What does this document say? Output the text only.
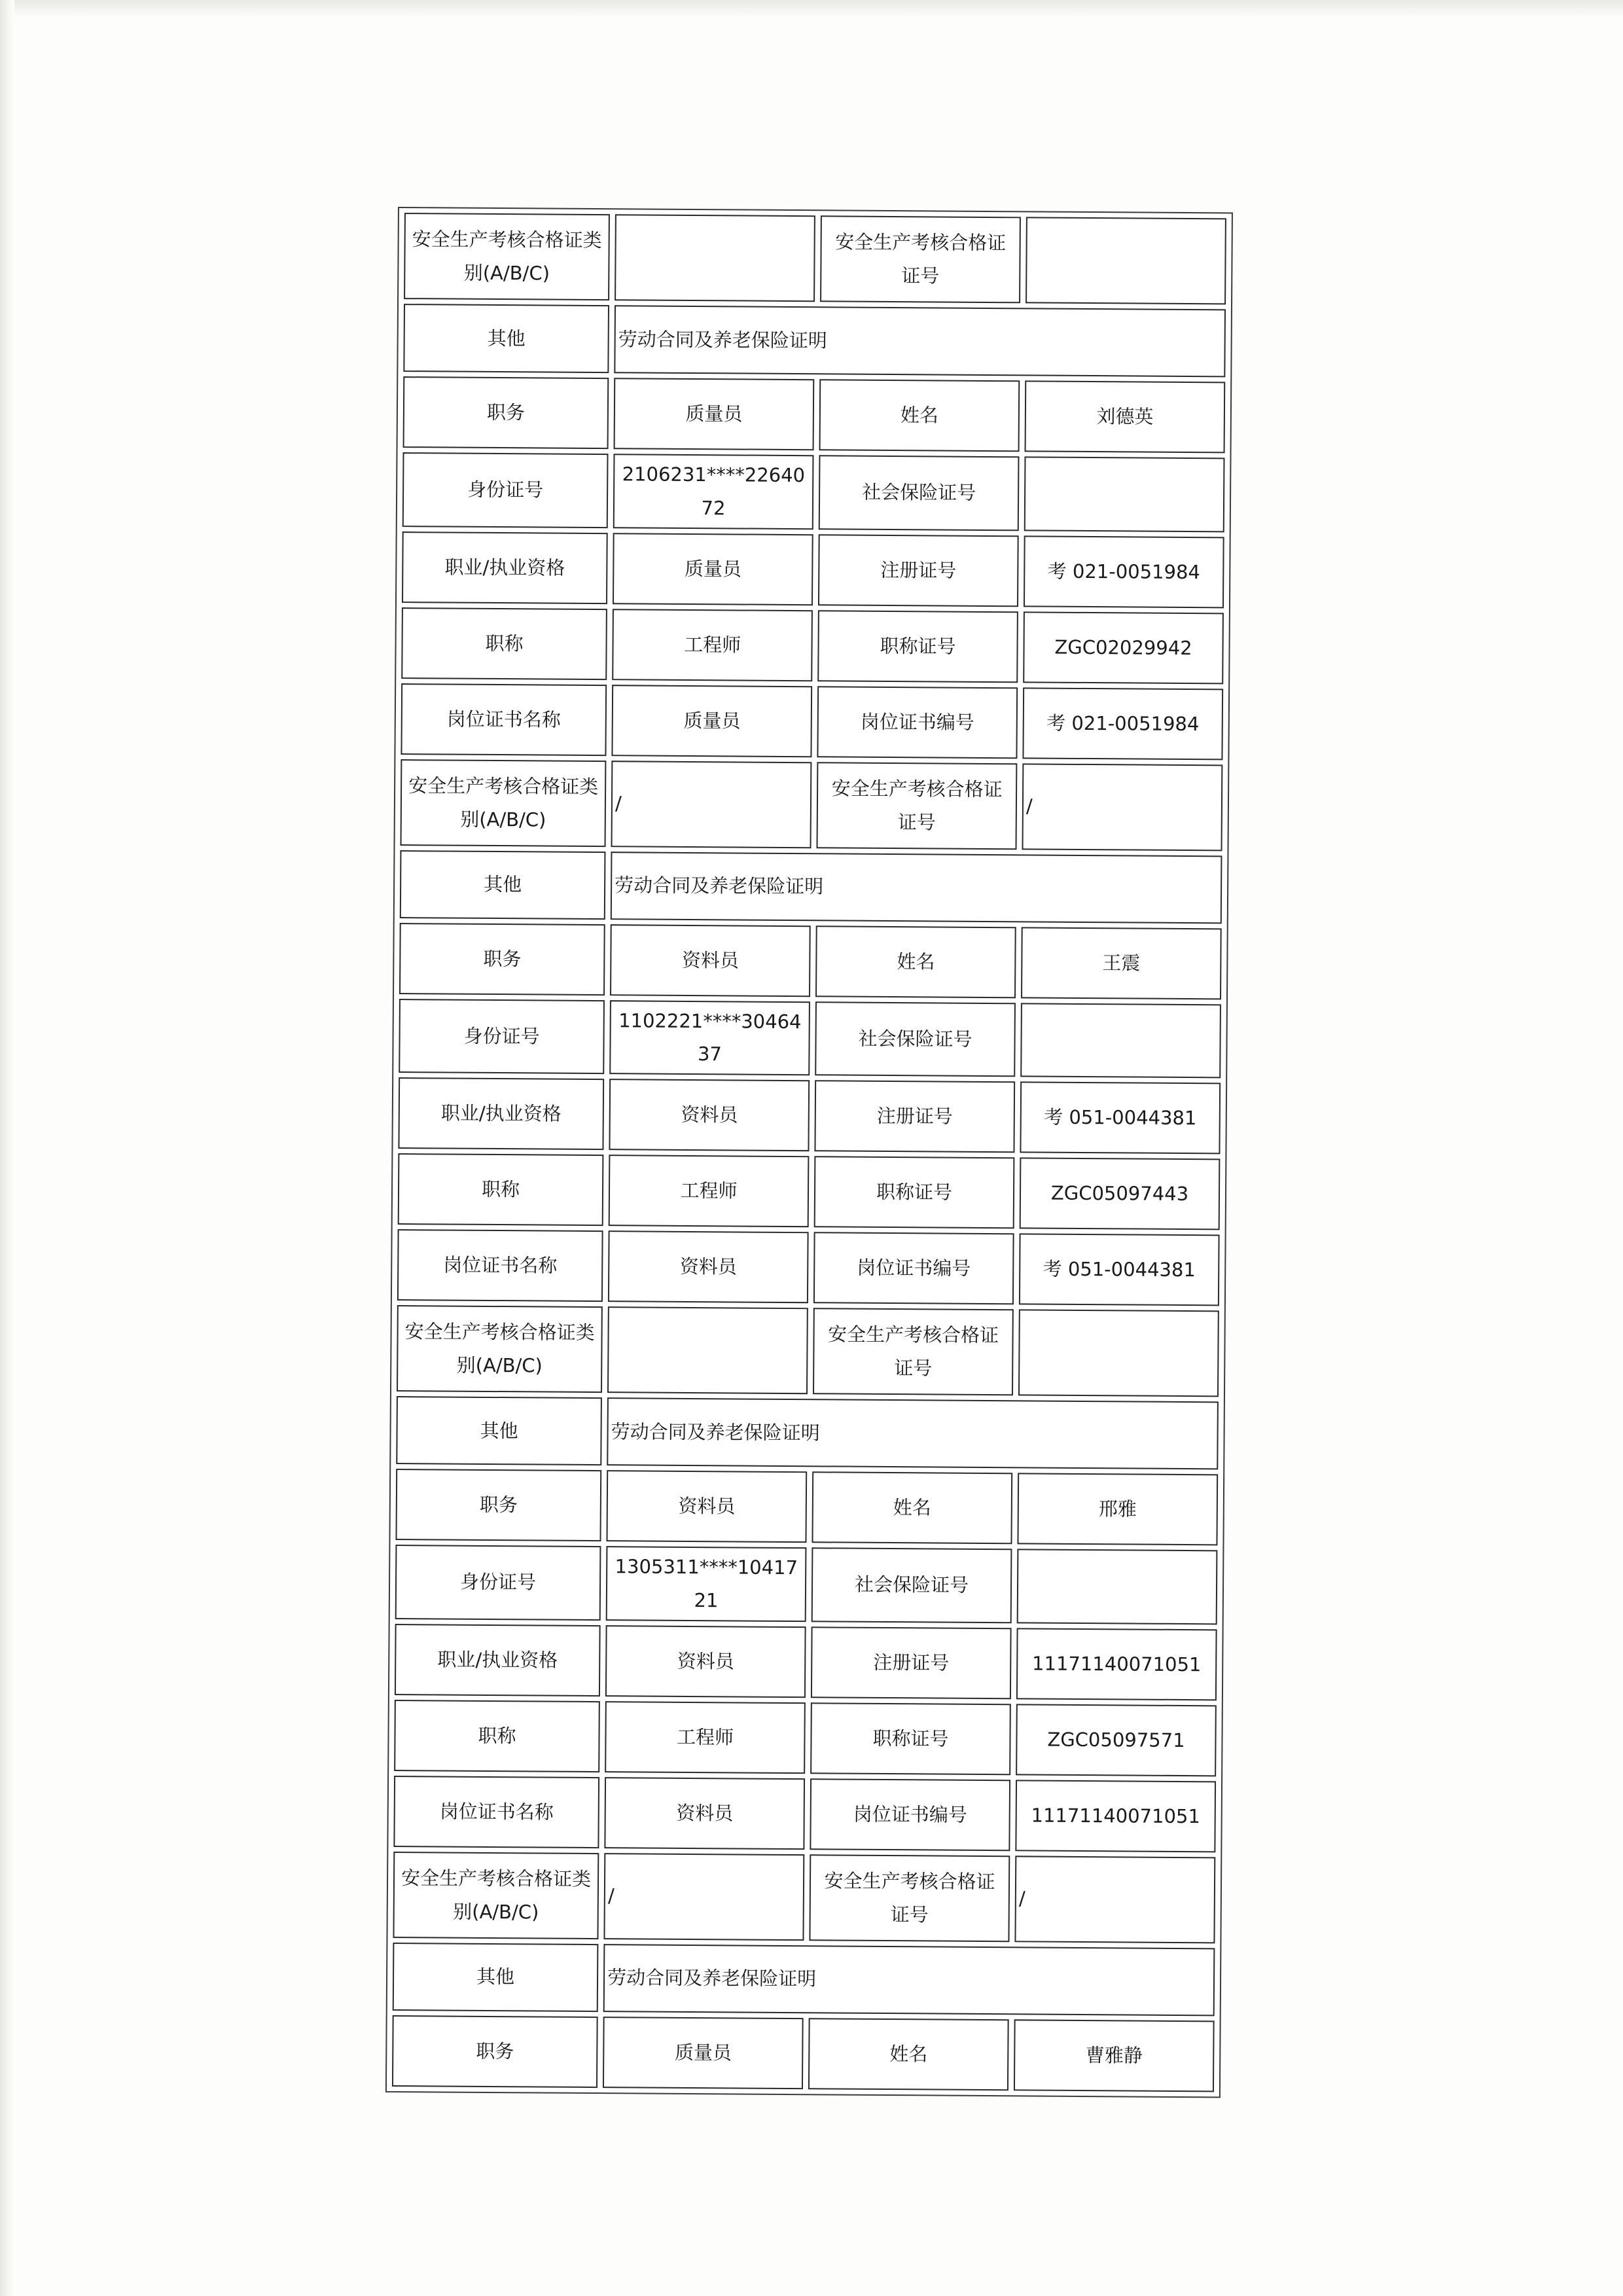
安全生产考核合格证类别(A/B/C)		安全生产考核合格证证号	
其他	劳动合同及养老保险证明		
职务	质量员	姓名	刘德英
身份证号	2106231****2264072	社会保险证号	
职业/执业资格	质量员	注册证号	考 021-0051984
职称	工程师	职称证号	ZGC02029942
岗位证书名称	质量员	岗位证书编号	考 021-0051984
安全生产考核合格证类别(A/B/C)	/	安全生产考核合格证证号	/
其他	劳动合同及养老保险证明		
职务	资料员	姓名	王震
身份证号	1102221****3046437	社会保险证号	
职业/执业资格	资料员	注册证号	考 051-0044381
职称	工程师	职称证号	ZGC05097443
岗位证书名称	资料员	岗位证书编号	考 051-0044381
安全生产考核合格证类别(A/B/C)		安全生产考核合格证证号	
其他	劳动合同及养老保险证明		
职务	资料员	姓名	邢雅
身份证号	1305311****1041721	社会保险证号	
职业/执业资格	资料员	注册证号	11171140071051
职称	工程师	职称证号	ZGC05097571
岗位证书名称	资料员	岗位证书编号	11171140071051
安全生产考核合格证类别(A/B/C)	/	安全生产考核合格证证号	/
其他	劳动合同及养老保险证明		
职务	质量员	姓名	曹雅静
